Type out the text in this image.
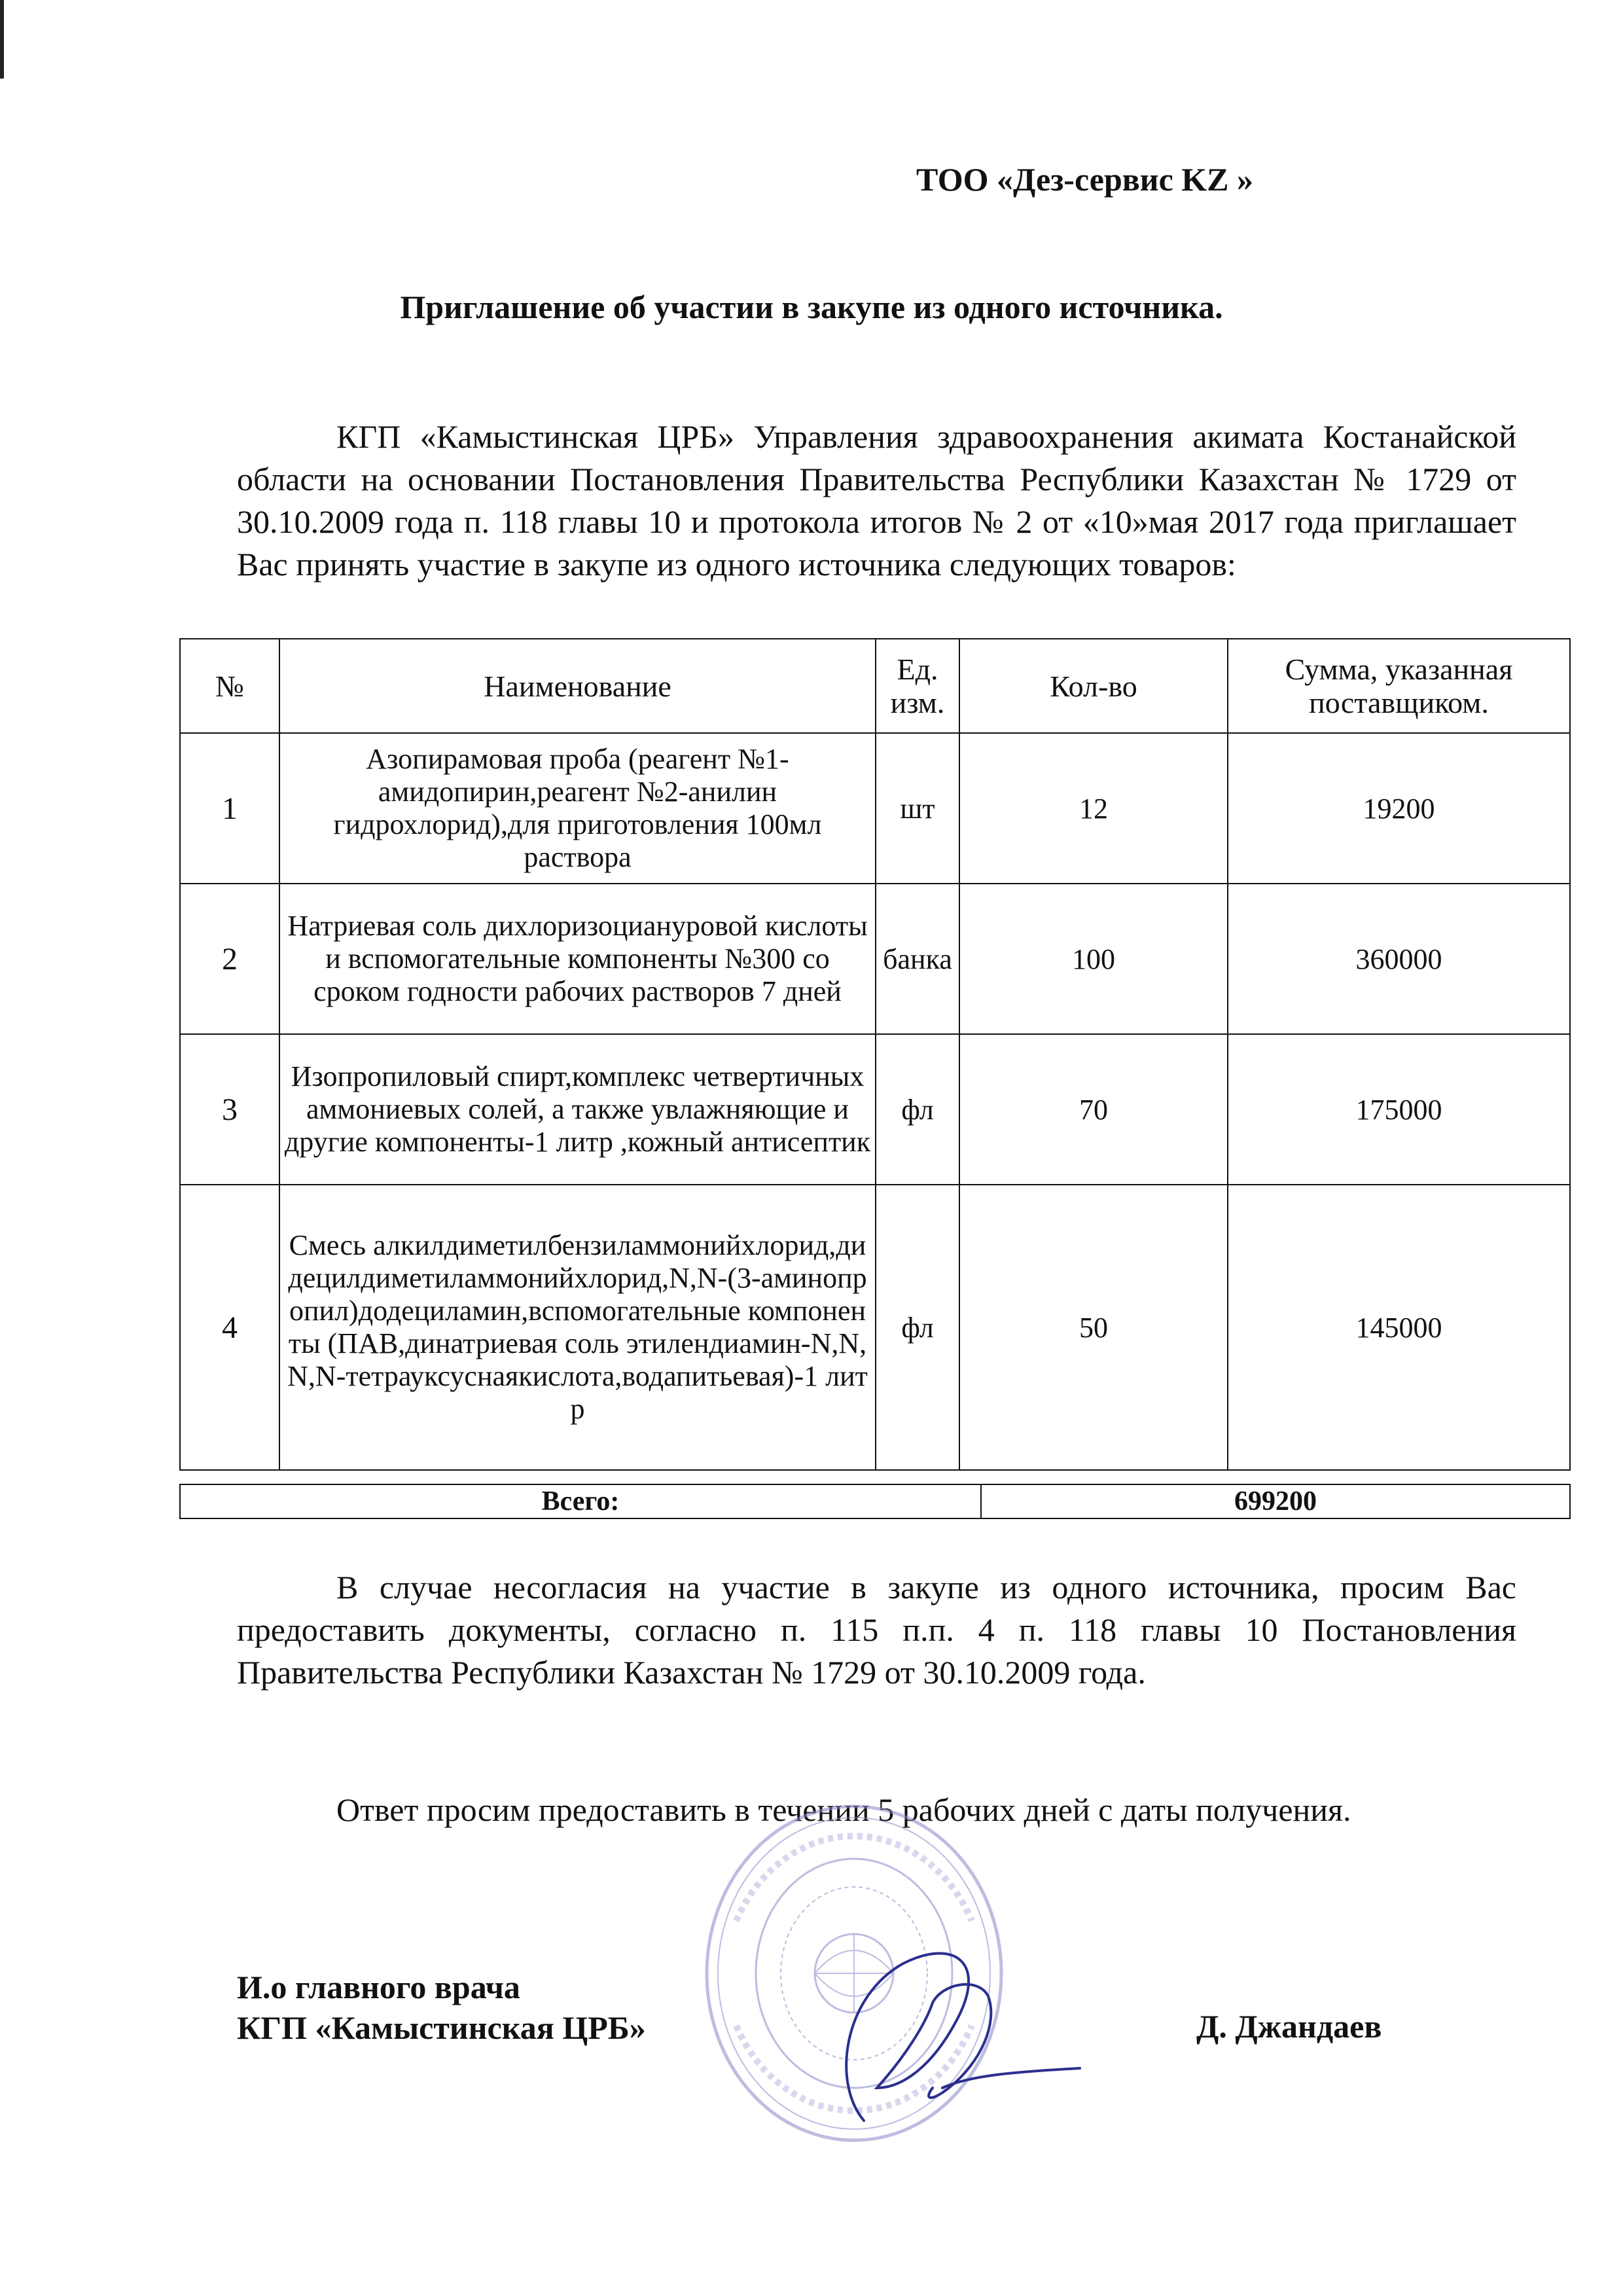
ТОО «Дез-сервис KZ »
Приглашение об участии в закупе из одного источника.

КГП «Камыстинская ЦРБ» Управления здравоохранения акимата Костанайской области на основании Постановления Правительства Республики Казахстан № 1729 от 30.10.2009 года п. 118 главы 10 и протокола итогов № 2 от «10»мая 2017 года приглашает Вас принять участие в закупе из одного источника следующих товаров:

№	Наименование	Ед. изм.	Кол-во	Сумма, указанная поставщиком.
1	Азопирамовая проба (реагент №1-амидопирин,реагент №2-анилин гидрохлорид),для приготовления 100мл раствора	шт	12	19200
2	Натриевая соль дихлоризоциануровой кислоты и вспомогательные компоненты №300 со сроком годности рабочих растворов 7 дней	банка	100	360000
3	Изопропиловый спирт,комплекс четвертичных аммониевых солей, а также увлажняющие и другие компоненты-1 литр ,кожный антисептик	фл	70	175000
4	Смесь алкилдиметилбензиламмонийхлорид,дидецилдиметиламмонийхлорид,N,N-(3-аминопропил)додециламин,вспомогательные компоненты (ПАВ,динатриевая соль этилендиамин-N,N,N,N-тетрауксуснаякислота,водапитьевая)-1 литр	фл	50	145000
Всего:	699200

В случае несогласия на участие в закупе из одного источника, просим Вас предоставить документы, согласно п. 115 п.п. 4 п. 118 главы 10 Постановления Правительства Республики Казахстан № 1729 от 30.10.2009 года.

Ответ просим предоставить в течении 5 рабочих дней с даты получения.

И.о главного врача
КГП «Камыстинская ЦРБ»	Д. Джандаев
